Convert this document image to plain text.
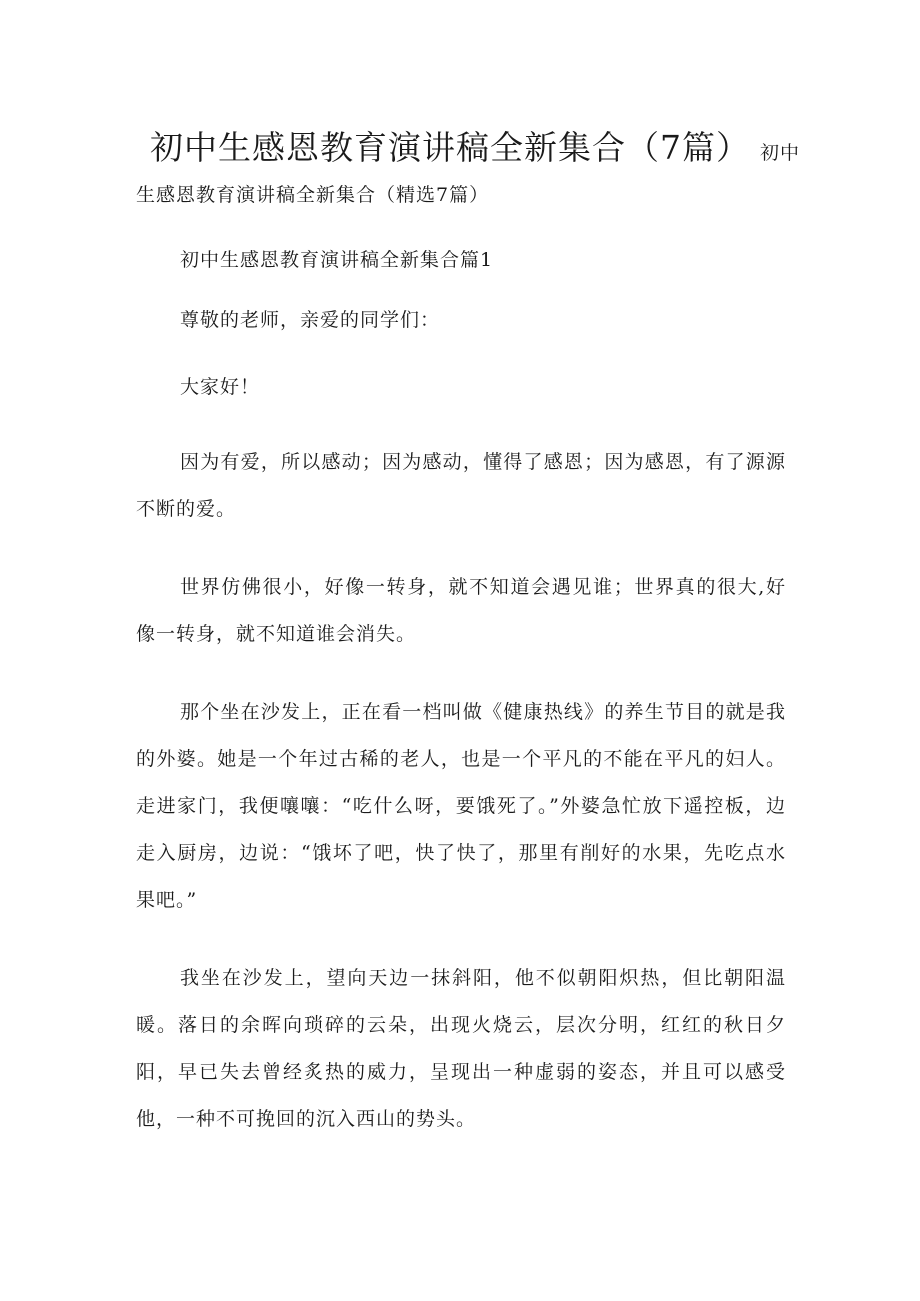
初中生感恩教育演讲稿全新集合（7篇） 初中
生感恩教育演讲稿全新集合（精选7篇）
初中生感恩教育演讲稿全新集合篇1

尊敬的老师，亲爱的同学们：

大家好！

因为有爱，所以感动；因为感动，懂得了感恩；因为感恩，有了源源不断的爱。

世界仿佛很小，好像一转身，就不知道会遇见谁；世界真的很大,好像一转身，就不知道谁会消失。

那个坐在沙发上，正在看一档叫做《健康热线》的养生节目的就是我的外婆。她是一个年过古稀的老人，也是一个平凡的不能在平凡的妇人。走进家门，我便嚷嚷：“吃什么呀，要饿死了。”外婆急忙放下遥控板，边走入厨房，边说：“饿坏了吧，快了快了，那里有削好的水果，先吃点水果吧。”

我坐在沙发上，望向天边一抹斜阳，他不似朝阳炽热，但比朝阳温暖。落日的余晖向琐碎的云朵，出现火烧云，层次分明，红红的秋日夕阳，早已失去曾经炙热的威力，呈现出一种虚弱的姿态，并且可以感受他，一种不可挽回的沉入西山的势头。
